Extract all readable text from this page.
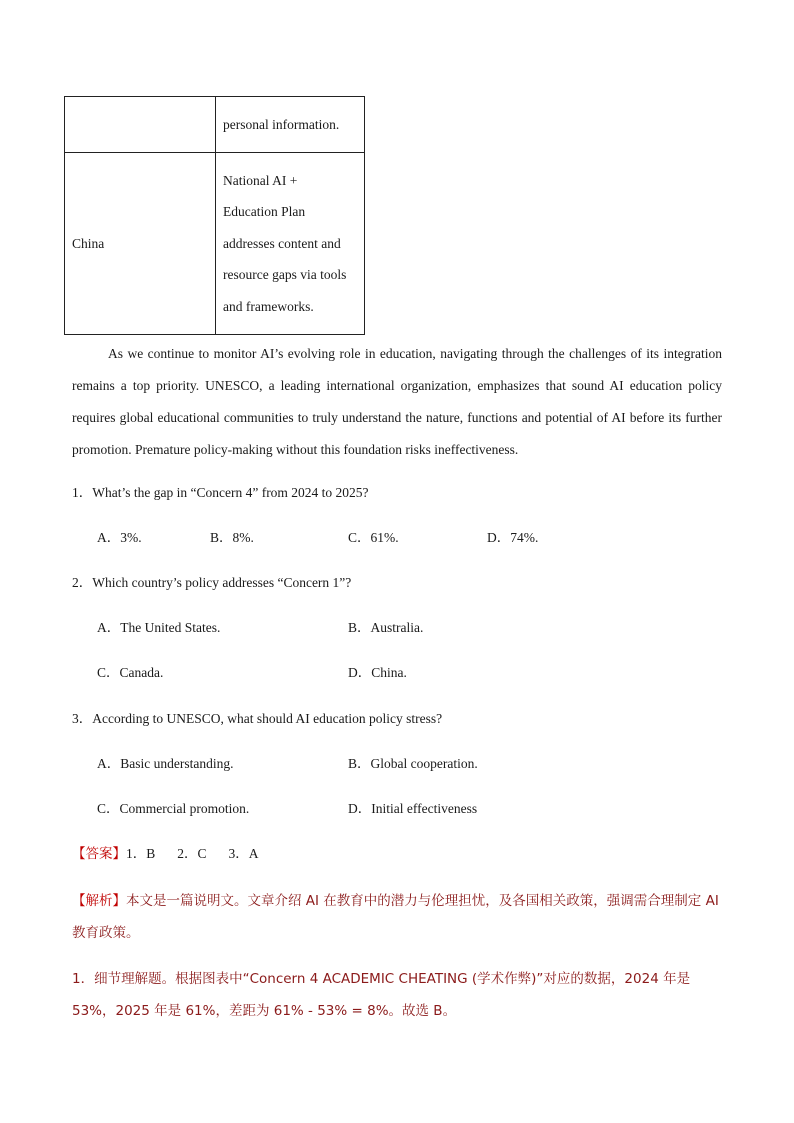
	personal information.
China	National AI +
Education Plan
addresses content and
resource gaps via tools
and frameworks.

As we continue to monitor AI’s evolving role in education, navigating through the challenges of its integration remains a top priority. UNESCO, a leading international organization, emphasizes that sound AI education policy requires global educational communities to truly understand the nature, functions and potential of AI before its further promotion. Premature policy-making without this foundation risks ineffectiveness.

1．What’s the gap in “Concern 4” from 2024 to 2025?

A．3%.	B．8%.	C．61%.	D．74%.

2．Which country’s policy addresses “Concern 1”?

A．The United States.	B．Australia.

C．Canada.	D．China.

3．According to UNESCO, what should AI education policy stress?

A．Basic understanding.	B．Global cooperation.

C．Commercial promotion.	D．Initial effectiveness

【答案】1．B 2．C 3．A

【解析】本文是一篇说明文。文章介绍 AI 在教育中的潜力与伦理担忧，及各国相关政策，强调需合理制定 AI 教育政策。

1．细节理解题。根据图表中“Concern 4 ACADEMIC CHEATING (学术作弊)”对应的数据，2024 年是 53%，2025 年是 61%，差距为 61% - 53% = 8%。故选 B。
